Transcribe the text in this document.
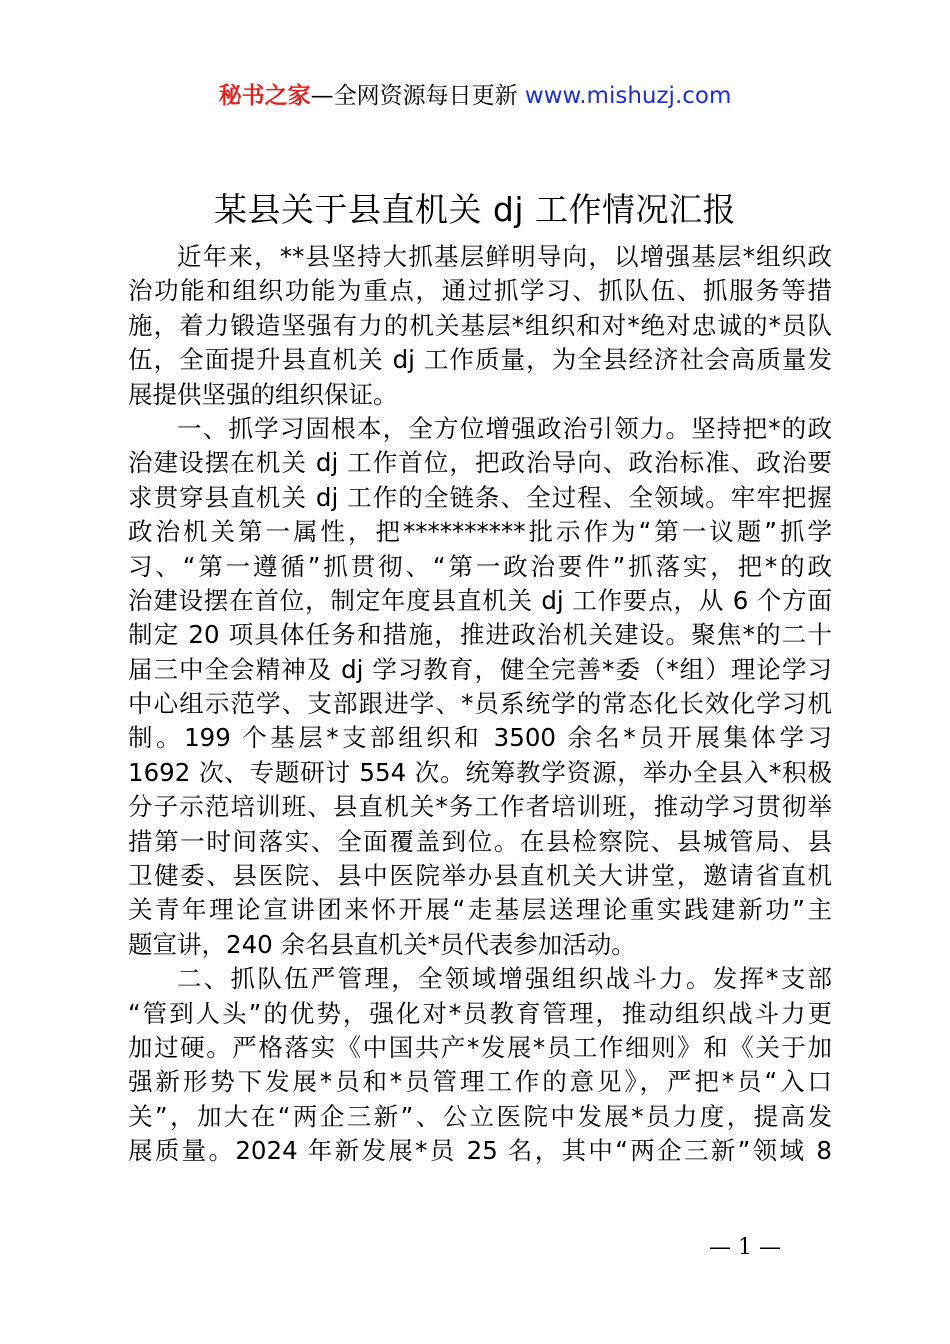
秘书之家—全网资源每日更新 www.mishuzj.com
某县关于县直机关 dj 工作情况汇报
近年来，**县坚持大抓基层鲜明导向，以增强基层*组织政
治功能和组织功能为重点，通过抓学习、抓队伍、抓服务等措
施，着力锻造坚强有力的机关基层*组织和对*绝对忠诚的*员队
伍，全面提升县直机关 dj 工作质量，为全县经济社会高质量发
展提供坚强的组织保证。
一、抓学习固根本，全方位增强政治引领力。坚持把*的政
治建设摆在机关 dj 工作首位，把政治导向、政治标准、政治要
求贯穿县直机关 dj 工作的全链条、全过程、全领域。牢牢把握
政治机关第一属性，把**********批示作为“第一议题”抓学
习、“第一遵循”抓贯彻、“第一政治要件”抓落实，把*的政
治建设摆在首位，制定年度县直机关 dj 工作要点，从 6 个方面
制定 20 项具体任务和措施，推进政治机关建设。聚焦*的二十
届三中全会精神及 dj 学习教育，健全完善*委（*组）理论学习
中心组示范学、支部跟进学、*员系统学的常态化长效化学习机
制。199 个基层*支部组织和 3500 余名*员开展集体学习
1692 次、专题研讨 554 次。统筹教学资源，举办全县入*积极
分子示范培训班、县直机关*务工作者培训班，推动学习贯彻举
措第一时间落实、全面覆盖到位。在县检察院、县城管局、县
卫健委、县医院、县中医院举办县直机关大讲堂，邀请省直机
关青年理论宣讲团来怀开展“走基层送理论重实践建新功”主
题宣讲，240 余名县直机关*员代表参加活动。
二、抓队伍严管理，全领域增强组织战斗力。发挥*支部
“管到人头”的优势，强化对*员教育管理，推动组织战斗力更
加过硬。严格落实《中国共产*发展*员工作细则》和《关于加
强新形势下发展*员和*员管理工作的意见》，严把*员“入口
关”，加大在“两企三新”、公立医院中发展*员力度，提高发
展质量。2024 年新发展*员 25 名，其中“两企三新”领域 8
— 1 —
